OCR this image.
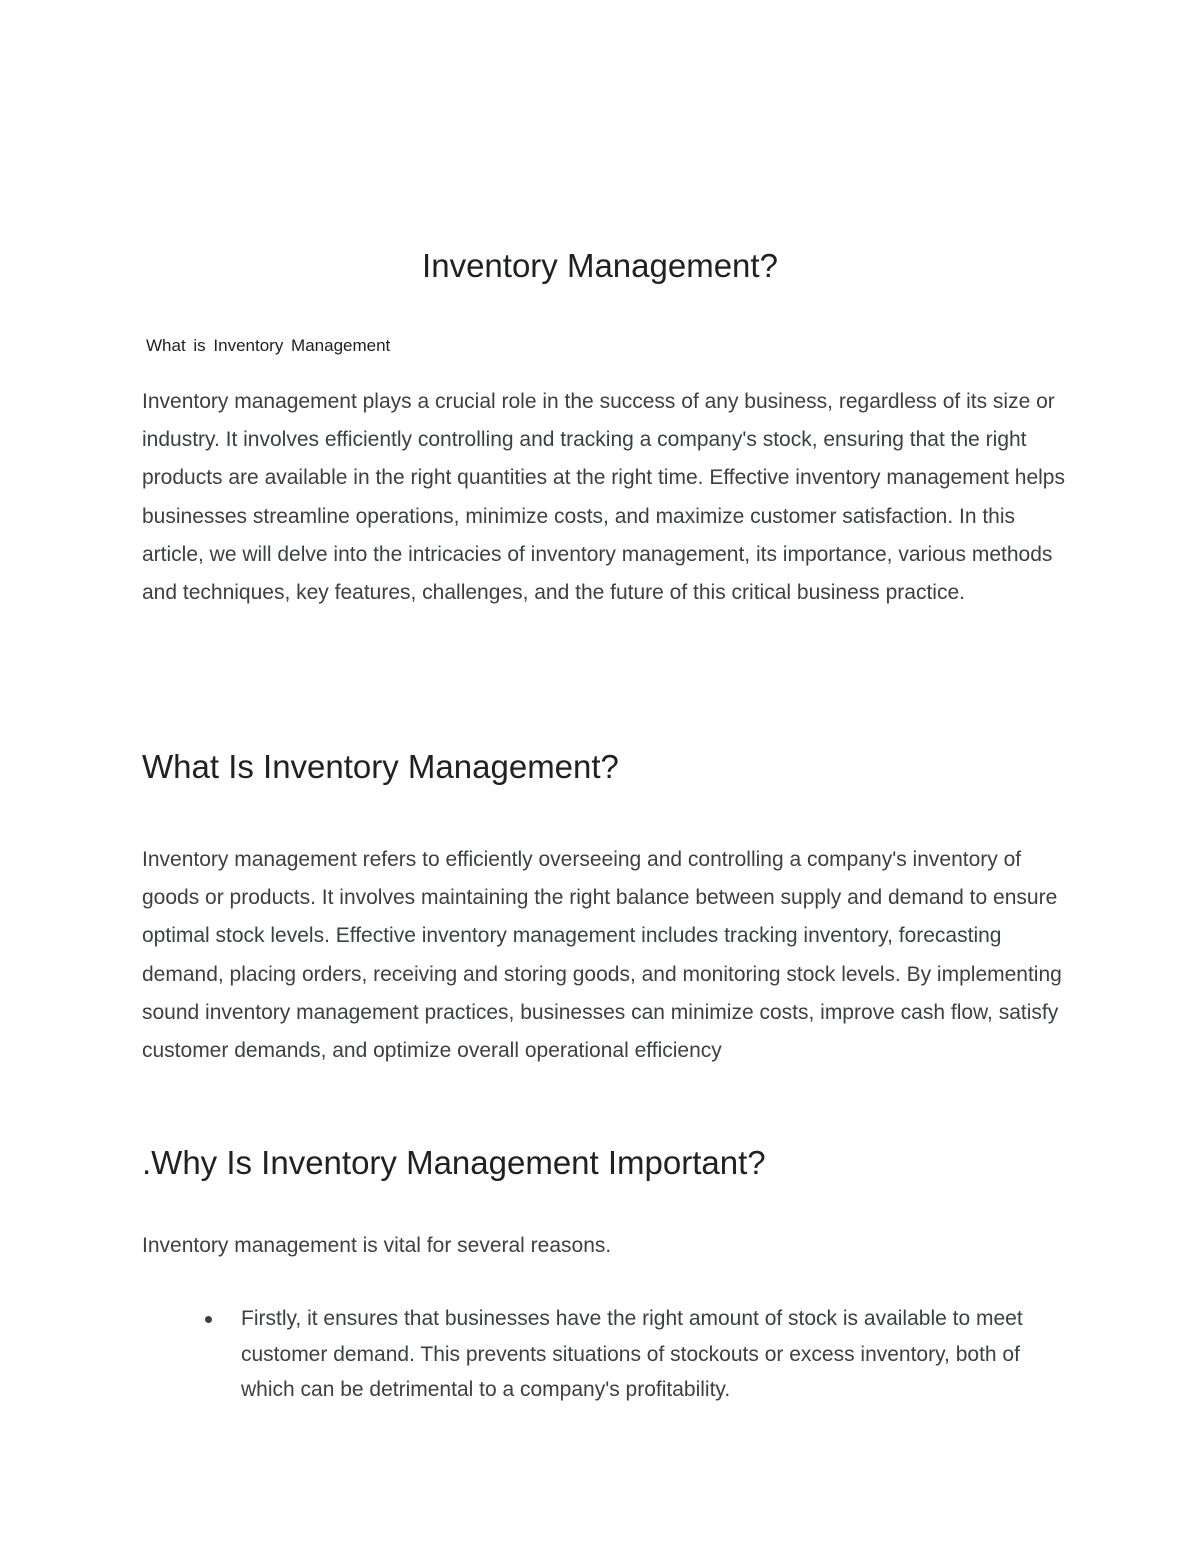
Inventory Management?

What is Inventory Management

Inventory management plays a crucial role in the success of any business, regardless of its size or industry. It involves efficiently controlling and tracking a company's stock, ensuring that the right products are available in the right quantities at the right time. Effective inventory management helps businesses streamline operations, minimize costs, and maximize customer satisfaction. In this article, we will delve into the intricacies of inventory management, its importance, various methods and techniques, key features, challenges, and the future of this critical business practice.

What Is Inventory Management?

Inventory management refers to efficiently overseeing and controlling a company's inventory of goods or products. It involves maintaining the right balance between supply and demand to ensure optimal stock levels. Effective inventory management includes tracking inventory, forecasting demand, placing orders, receiving and storing goods, and monitoring stock levels. By implementing sound inventory management practices, businesses can minimize costs, improve cash flow, satisfy customer demands, and optimize overall operational efficiency

.Why Is Inventory Management Important?

Inventory management is vital for several reasons.

Firstly, it ensures that businesses have the right amount of stock is available to meet customer demand. This prevents situations of stockouts or excess inventory, both of which can be detrimental to a company's profitability.
